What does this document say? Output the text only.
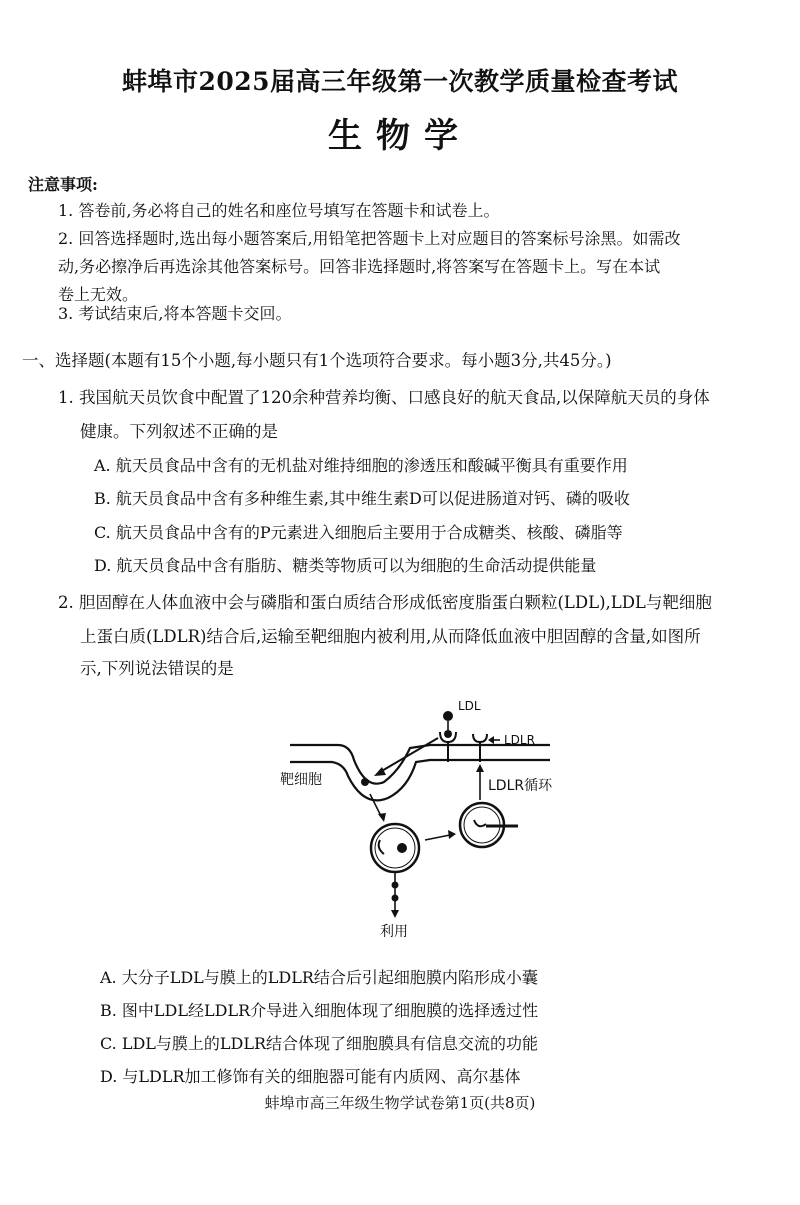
蚌埠市2025届高三年级第一次教学质量检查考试
生物学
注意事项:
1. 答卷前,务必将自己的姓名和座位号填写在答题卡和试卷上。
2. 回答选择题时,选出每小题答案后,用铅笔把答题卡上对应题目的答案标号涂黑。如需改
动,务必擦净后再选涂其他答案标号。回答非选择题时,将答案写在答题卡上。写在本试
卷上无效。
3. 考试结束后,将本答题卡交回。
一、选择题(本题有15个小题,每小题只有1个选项符合要求。每小题3分,共45分。)
1. 我国航天员饮食中配置了120余种营养均衡、口感良好的航天食品,以保障航天员的身体
健康。下列叙述不正确的是
A. 航天员食品中含有的无机盐对维持细胞的渗透压和酸碱平衡具有重要作用
B. 航天员食品中含有多种维生素,其中维生素D可以促进肠道对钙、磷的吸收
C. 航天员食品中含有的P元素进入细胞后主要用于合成糖类、核酸、磷脂等
D. 航天员食品中含有脂肪、糖类等物质可以为细胞的生命活动提供能量
2. 胆固醇在人体血液中会与磷脂和蛋白质结合形成低密度脂蛋白颗粒(LDL),LDL与靶细胞
上蛋白质(LDLR)结合后,运输至靶细胞内被利用,从而降低血液中胆固醇的含量,如图所
示,下列说法错误的是
LDL
LDLR
靶细胞	LDLR循环
利用
A. 大分子LDL与膜上的LDLR结合后引起细胞膜内陷形成小囊
B. 图中LDL经LDLR介导进入细胞体现了细胞膜的选择透过性
C. LDL与膜上的LDLR结合体现了细胞膜具有信息交流的功能
D. 与LDLR加工修饰有关的细胞器可能有内质网、高尔基体
蚌埠市高三年级生物学试卷第1页(共8页)
